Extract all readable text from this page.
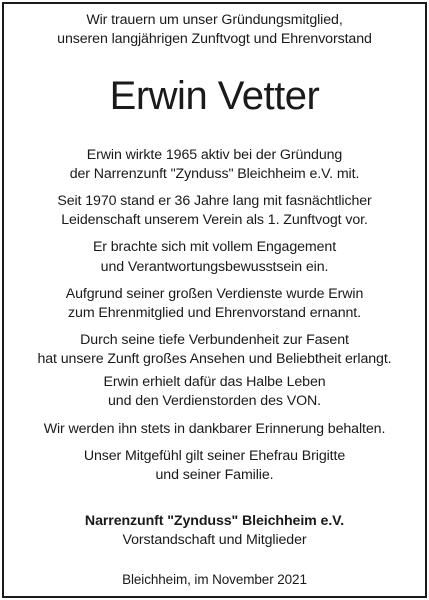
Wir trauern um unser Gründungsmitglied,
unseren langjährigen Zunftvogt und Ehrenvorstand
Erwin Vetter
Erwin wirkte 1965 aktiv bei der Gründung
der Narrenzunft "Zynduss" Bleichheim e.V. mit.
Seit 1970 stand er 36 Jahre lang mit fasnächtlicher
Leidenschaft unserem Verein als 1. Zunftvogt vor.
Er brachte sich mit vollem Engagement
und Verantwortungsbewusstsein ein.
Aufgrund seiner großen Verdienste wurde Erwin
zum Ehrenmitglied und Ehrenvorstand ernannt.
Durch seine tiefe Verbundenheit zur Fasent
hat unsere Zunft großes Ansehen und Beliebtheit erlangt.
Erwin erhielt dafür das Halbe Leben
und den Verdienstorden des VON.
Wir werden ihn stets in dankbarer Erinnerung behalten.
Unser Mitgefühl gilt seiner Ehefrau Brigitte
und seiner Familie.
Narrenzunft "Zynduss" Bleichheim e.V.
Vorstandschaft und Mitglieder
Bleichheim, im November 2021
